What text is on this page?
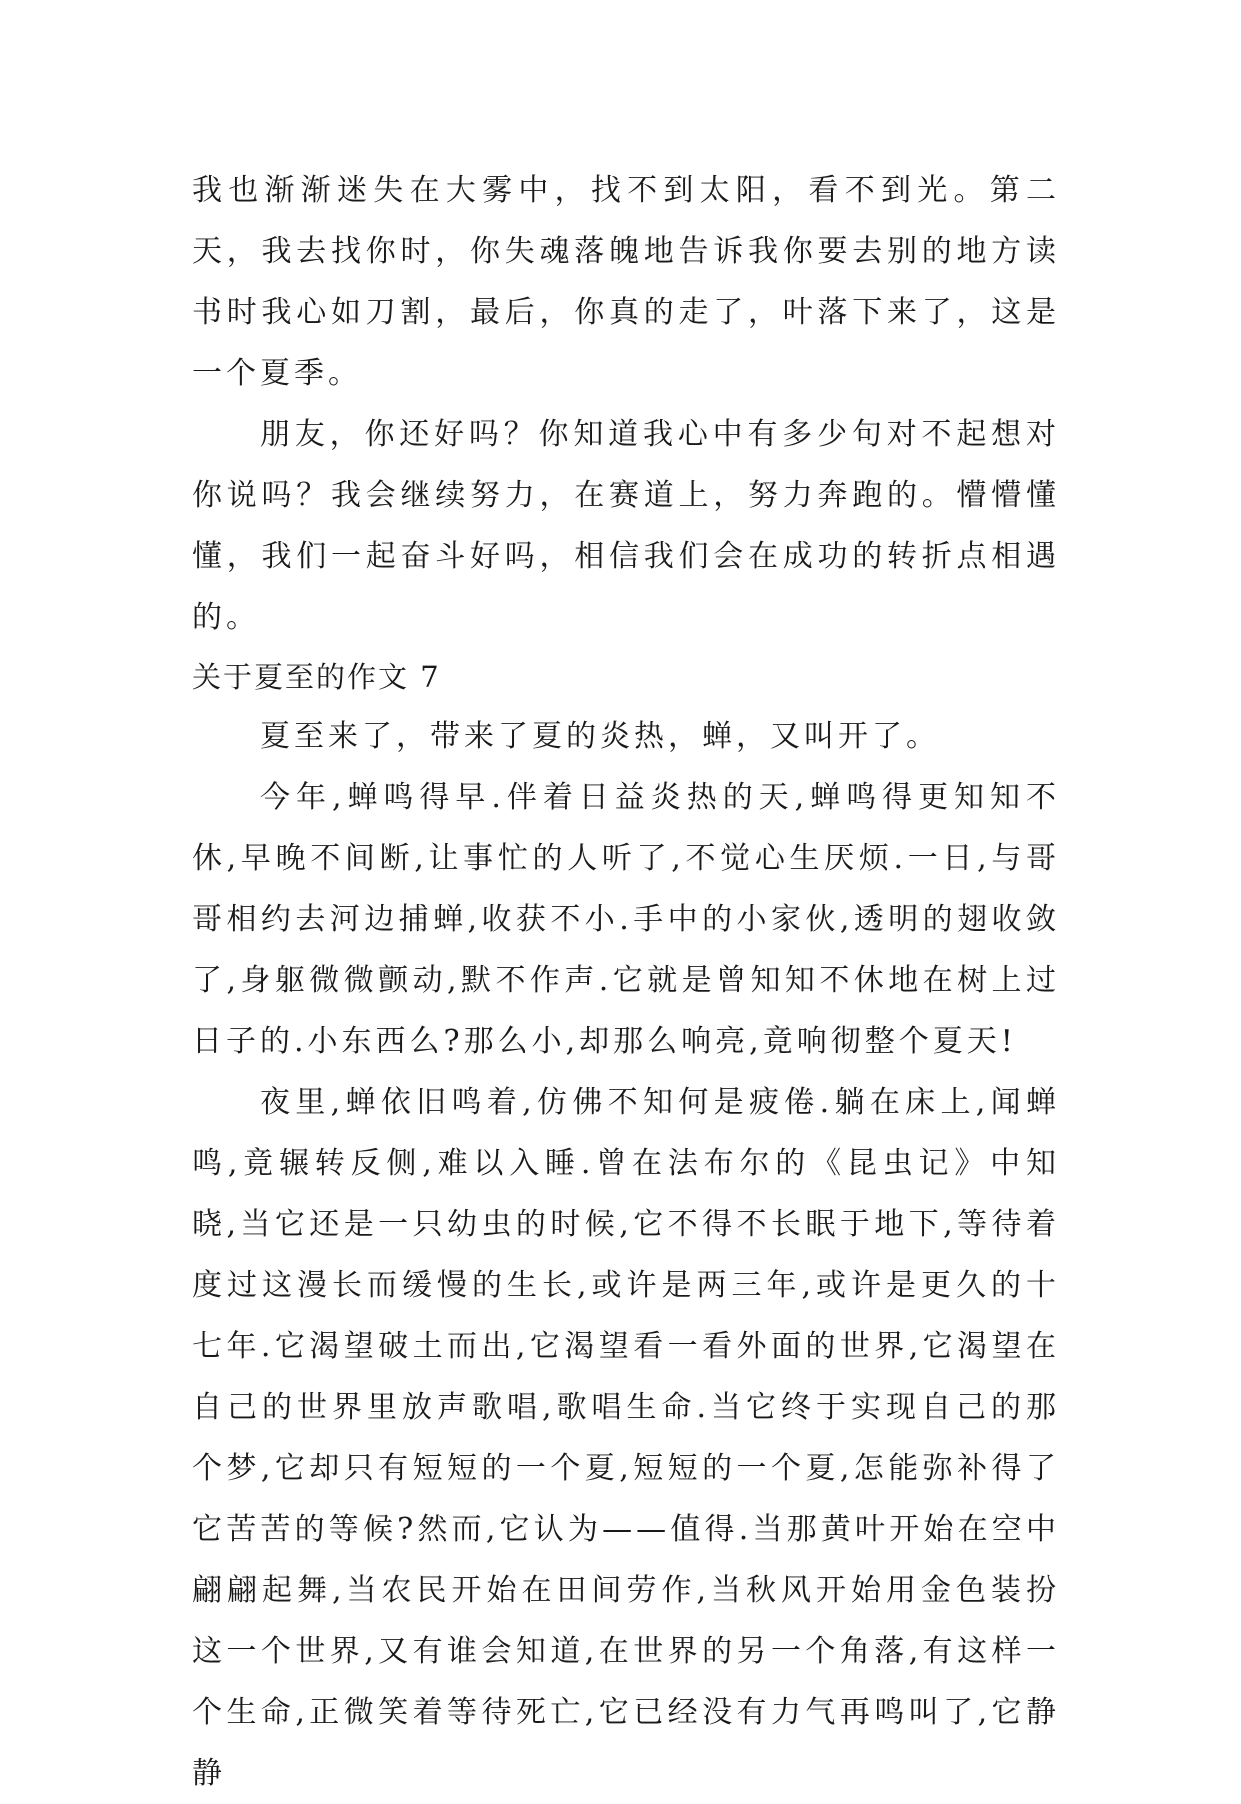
我也渐渐迷失在大雾中，找不到太阳，看不到光。第二天，我去找你时，你失魂落魄地告诉我你要去别的地方读书时我心如刀割，最后，你真的走了，叶落下来了，这是一个夏季。

朋友，你还好吗？你知道我心中有多少句对不起想对你说吗？我会继续努力，在赛道上，努力奔跑的。懵懵懂懂，我们一起奋斗好吗，相信我们会在成功的转折点相遇的。

关于夏至的作文 7

夏至来了，带来了夏的炎热，蝉，又叫开了。

今年,蝉鸣得早.伴着日益炎热的天,蝉鸣得更知知不休,早晚不间断,让事忙的人听了,不觉心生厌烦.一日,与哥哥相约去河边捕蝉,收获不小.手中的小家伙,透明的翅收敛了,身躯微微颤动,默不作声.它就是曾知知不休地在树上过日子的.小东西么?那么小,却那么响亮,竟响彻整个夏天!

夜里,蝉依旧鸣着,仿佛不知何是疲倦.躺在床上,闻蝉鸣,竟辗转反侧,难以入睡.曾在法布尔的《昆虫记》中知晓,当它还是一只幼虫的时候,它不得不长眠于地下,等待着度过这漫长而缓慢的生长,或许是两三年,或许是更久的十七年.它渴望破土而出,它渴望看一看外面的世界,它渴望在自己的世界里放声歌唱,歌唱生命.当它终于实现自己的那个梦,它却只有短短的一个夏,短短的一个夏,怎能弥补得了它苦苦的等候?然而,它认为——值得.当那黄叶开始在空中翩翩起舞,当农民开始在田间劳作,当秋风开始用金色装扮这一个世界,又有谁会知道,在世界的另一个角落,有这样一个生命,正微笑着等待死亡,它已经没有力气再鸣叫了,它静静
